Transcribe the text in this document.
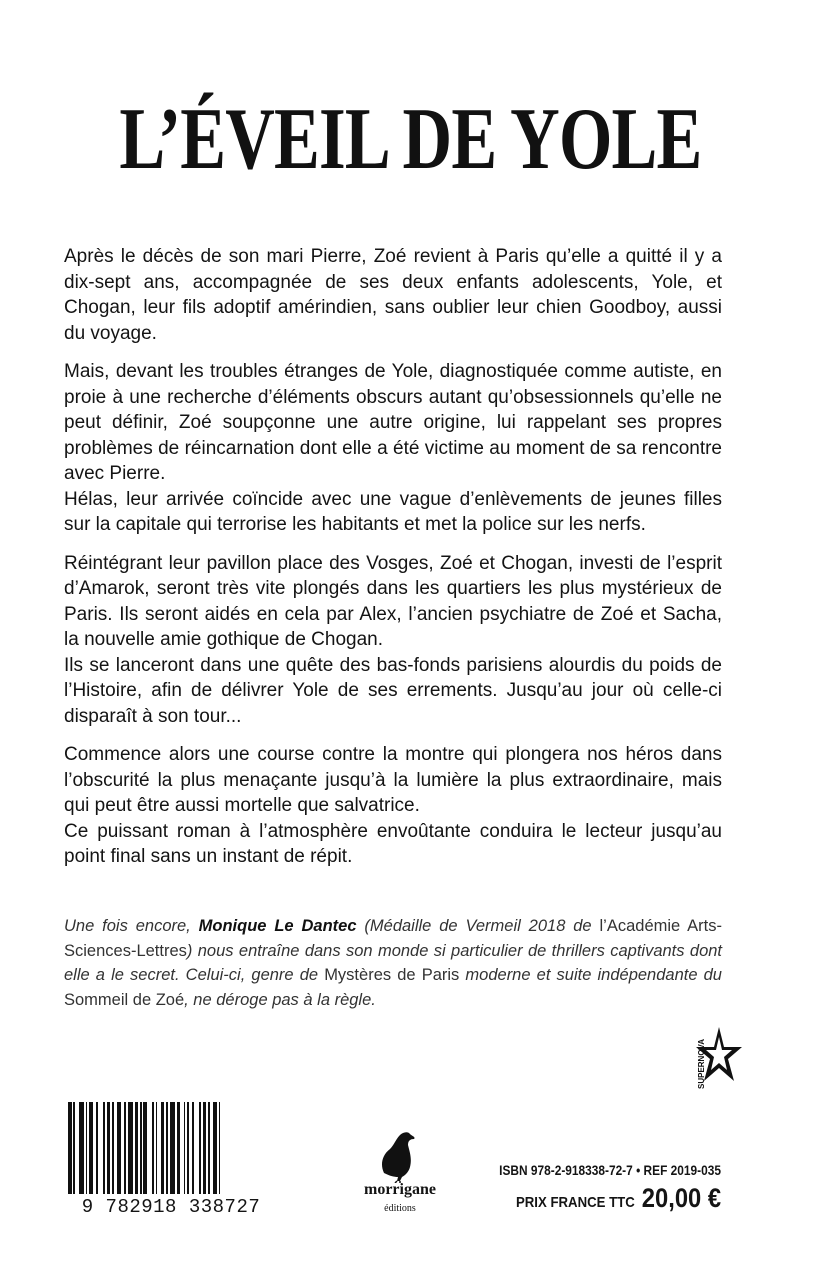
L’ÉVEIL DE YOLE

Après le décès de son mari Pierre, Zoé revient à Paris qu’elle a quitté il y a dix-sept ans, accompagnée de ses deux enfants adolescents, Yole, et Chogan, leur fils adoptif amérindien, sans oublier leur chien Goodboy, aussi du voyage.

Mais, devant les troubles étranges de Yole, diagnostiquée comme autiste, en proie à une recherche d’éléments obscurs autant qu’obsessionnels qu’elle ne peut définir, Zoé soupçonne une autre origine, lui rappelant ses propres problèmes de réincarnation dont elle a été victime au moment de sa rencontre avec Pierre.

Hélas, leur arrivée coïncide avec une vague d’enlèvements de jeunes filles sur la capitale qui terrorise les habitants et met la police sur les nerfs.

Réintégrant leur pavillon place des Vosges, Zoé et Chogan, investi de l’esprit d’Amarok, seront très vite plongés dans les quartiers les plus mystérieux de Paris. Ils seront aidés en cela par Alex, l’ancien psychiatre de Zoé et Sacha, la nouvelle amie gothique de Chogan.

Ils se lanceront dans une quête des bas-fonds parisiens alourdis du poids de l’Histoire, afin de délivrer Yole de ses errements. Jusqu’au jour où celle-ci disparaît à son tour...

Commence alors une course contre la montre qui plongera nos héros dans l’obscurité la plus menaçante jusqu’à la lumière la plus extraordinaire, mais qui peut être aussi mortelle que salvatrice.

Ce puissant roman à l’atmosphère envoûtante conduira le lecteur jusqu’au point final sans un instant de répit.

Une fois encore, Monique Le Dantec (Médaille de Vermeil 2018 de l’Académie Arts-Sciences-Lettres) nous entraîne dans son monde si particulier de thrillers captivants dont elle a le secret. Celui-ci, genre de Mystères de Paris moderne et suite indépendante du Sommeil de Zoé, ne déroge pas à la règle.
SUPERNOVA
9 782918 338727
morrigane
éditions
ISBN 978-2-918338-72-7 • REF 2019-035
PRIX FRANCE TTC 20,00 €
